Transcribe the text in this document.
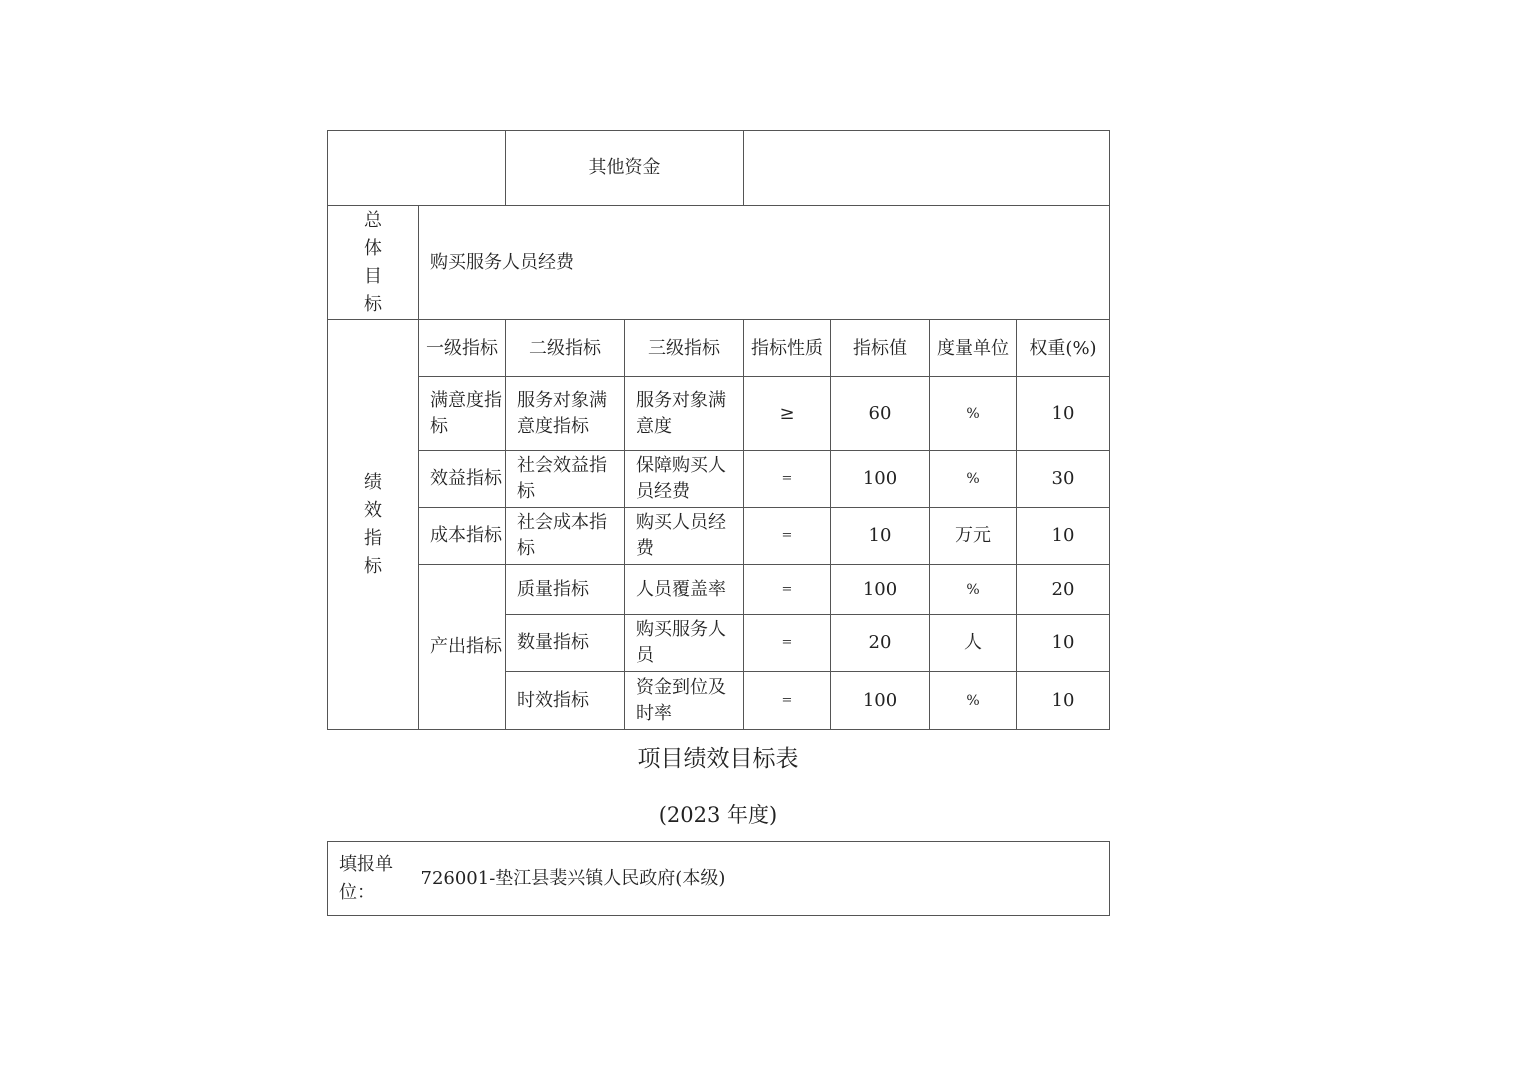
		其他资金					

总体目标	购买服务人员经费						

绩效指标	一级指标	二级指标	三级指标	指标性质	指标值	度量单位	权重(%)
	满意度指标	服务对象满意度指标	服务对象满意度	≥	60	%	10
	效益指标	社会效益指标	保障购买人员经费	=	100	%	30
	成本指标	社会成本指标	购买人员经费	=	10	万元	10
	产出指标	质量指标	人员覆盖率	=	100	%	20
		数量指标	购买服务人员	=	20	人	10
		时效指标	资金到位及时率	=	100	%	10
项目绩效目标表
(2023 年度)
填报单位：	726001-垫江县裴兴镇人民政府(本级)
